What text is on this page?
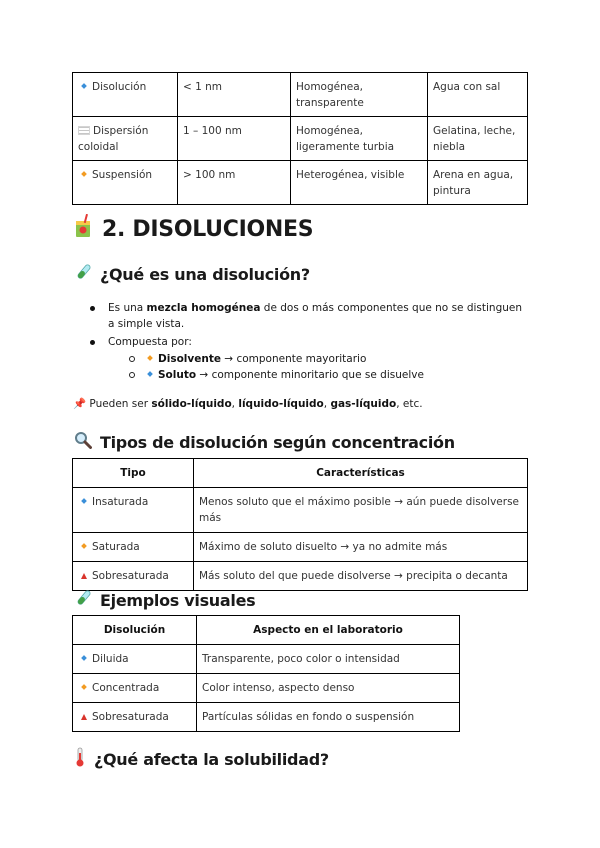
Disolución	< 1 nm	Homogénea, transparente	Agua con sal
Dispersión coloidal	1 – 100 nm	Homogénea, ligeramente turbia	Gelatina, leche, niebla
Suspensión	> 100 nm	Heterogénea, visible	Arena en agua, pintura
2. DISOLUCIONES
¿Qué es una disolución?
Es una mezcla homogénea de dos o más componentes que no se distinguen a simple vista.
Compuesta por:
Disolvente → componente mayoritario
Soluto → componente minoritario que se disuelve
📌 Pueden ser sólido-líquido, líquido-líquido, gas-líquido, etc.
Tipos de disolución según concentración
Tipo	Características
Insaturada	Menos soluto que el máximo posible → aún puede disolverse más
Saturada	Máximo de soluto disuelto → ya no admite más
Sobresaturada	Más soluto del que puede disolverse → precipita o decanta
Ejemplos visuales
Disolución	Aspecto en el laboratorio
Diluida	Transparente, poco color o intensidad
Concentrada	Color intenso, aspecto denso
Sobresaturada	Partículas sólidas en fondo o suspensión
¿Qué afecta la solubilidad?
